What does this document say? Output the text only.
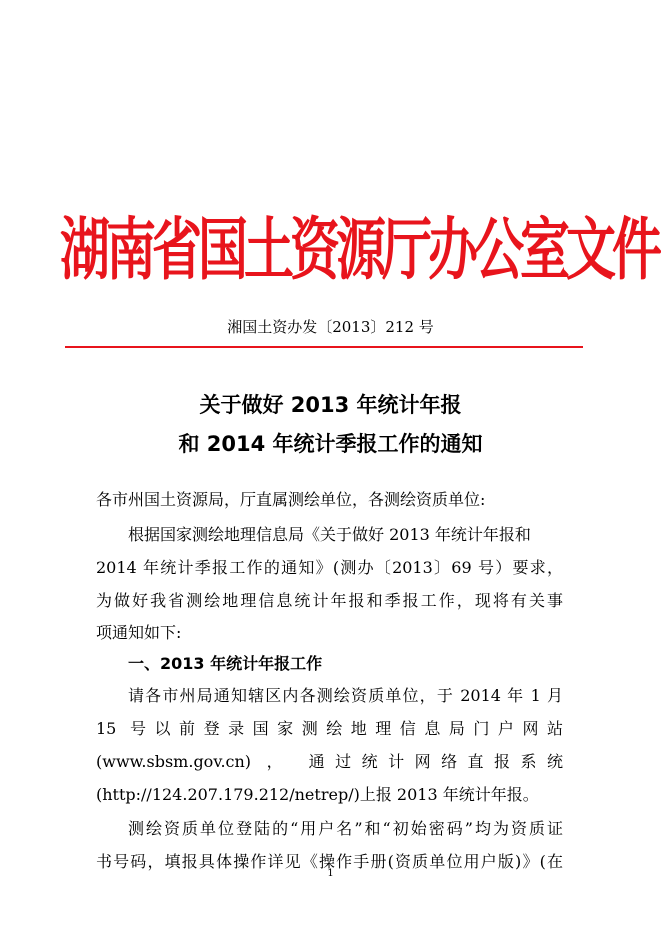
湖南省国土资源厅办公室文件
湘国土资办发〔2013〕212 号
关于做好 2013 年统计年报
和 2014 年统计季报工作的通知
各市州国土资源局，厅直属测绘单位，各测绘资质单位:
根据国家测绘地理信息局《关于做好 2013 年统计年报和
2014 年统计季报工作的通知》(测办〔2013〕69 号）要求，
为做好我省测绘地理信息统计年报和季报工作，现将有关事
项通知如下:
一、2013 年统计年报工作
请各市州局通知辖区内各测绘资质单位，于 2014 年 1 月
15 号以前登录国家测绘地理信息局门户网站
(www.sbsm.gov.cn) ， 通过统计网络直报系统
(http://124.207.179.212/netrep/)上报 2013 年统计年报。
测绘资质单位登陆的“用户名”和“初始密码”均为资质证
书号码，填报具体操作详见《操作手册(资质单位用户版)》(在
1
